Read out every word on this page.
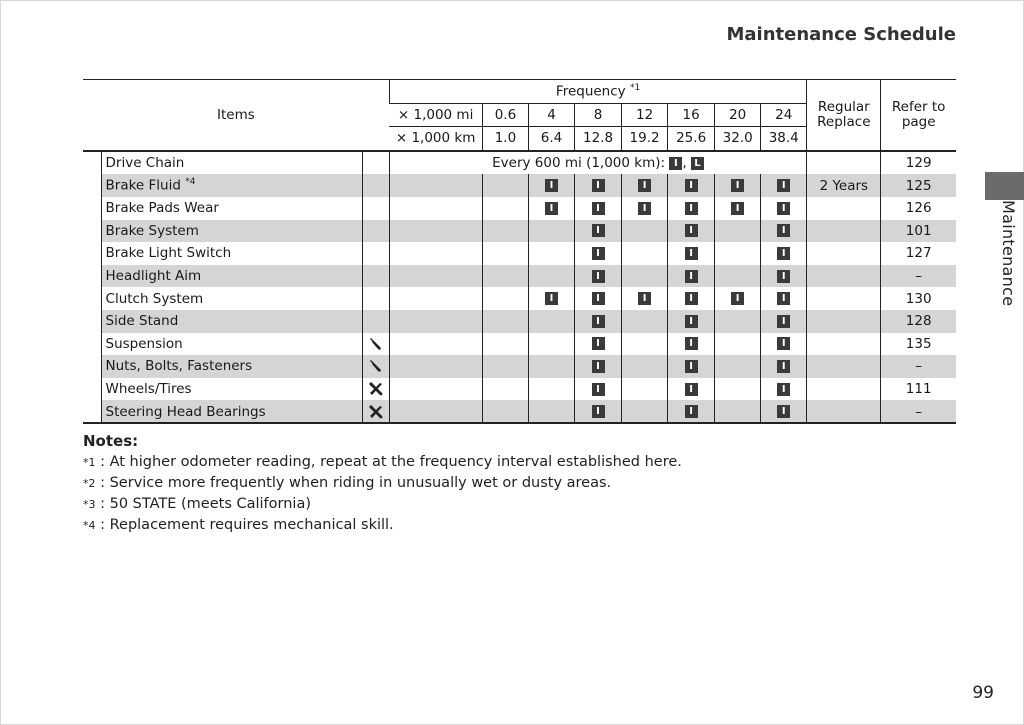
Maintenance Schedule
Maintenance
99
Items			Frequency $^{*1}$								Regular Replace	Refer to page
			× 1,000 mi	0.6	4	8	12	16	20	24		
			× 1,000 km	1.0	6.4	12.8	19.2	25.6	32.0	38.4		
	Drive Chain		Every 600 mi (1,000 km): I , L									129
	Brake Fluid $^{*4}$				I	I	I	I	I	I	2 Years	125
	Brake Pads Wear				I	I	I	I	I	I		126
	Brake System					I		I		I		101
	Brake Light Switch					I		I		I		127
	Headlight Aim					I		I		I		–
	Clutch System				I	I	I	I	I	I		130
	Side Stand					I		I		I		128
	Suspension					I		I		I		135
	Nuts, Bolts, Fasteners					I		I		I		–
	Wheels/Tires					I		I		I		111
	Steering Head Bearings					I		I		I		–
Notes:
$^{*1}$ : At higher odometer reading, repeat at the frequency interval established here.
$^{*2}$ : Service more frequently when riding in unusually wet or dusty areas.
$^{*3}$ : 50 STATE (meets California)
$^{*4}$ : Replacement requires mechanical skill.
